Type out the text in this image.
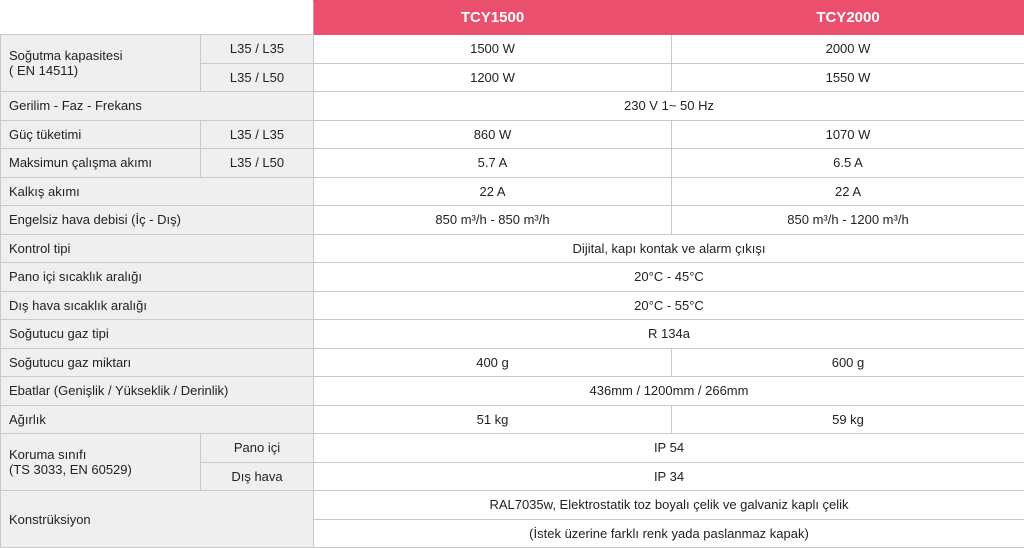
		TCY1500	TCY2000

Soğutma kapasitesi
( EN 14511)	L35 / L35	1500 W	2000 W
	L35 / L50	1200 W	1550 W
Gerilim - Faz - Frekans		230 V 1~ 50 Hz	
Güç tüketimi	L35 / L35	860 W	1070 W
Maksimun çalışma akımı	L35 / L50	5.7 A	6.5 A
Kalkış akımı		22 A	22 A
Engelsiz hava debisi (İç - Dış)		850 m³/h - 850 m³/h	850 m³/h - 1200 m³/h
Kontrol tipi		Dijital, kapı kontak ve alarm çıkışı	
Pano içi sıcaklık aralığı		20°C - 45°C	
Dış hava sıcaklık aralığı		20°C - 55°C	
Soğutucu gaz tipi		R 134a	
Soğutucu gaz miktarı		400 g	600 g
Ebatlar (Genişlik / Yükseklik / Derinlik)		436mm / 1200mm / 266mm	
Ağırlık		51 kg	59 kg

Koruma sınıfı
(TS 3033, EN 60529)	Pano içi	IP 54	
	Dış hava	IP 34	
Konstrüksiyon		RAL7035w, Elektrostatik toz boyalı çelik ve galvaniz kaplı çelik	
		(İstek üzerine farklı renk yada paslanmaz kapak)	
